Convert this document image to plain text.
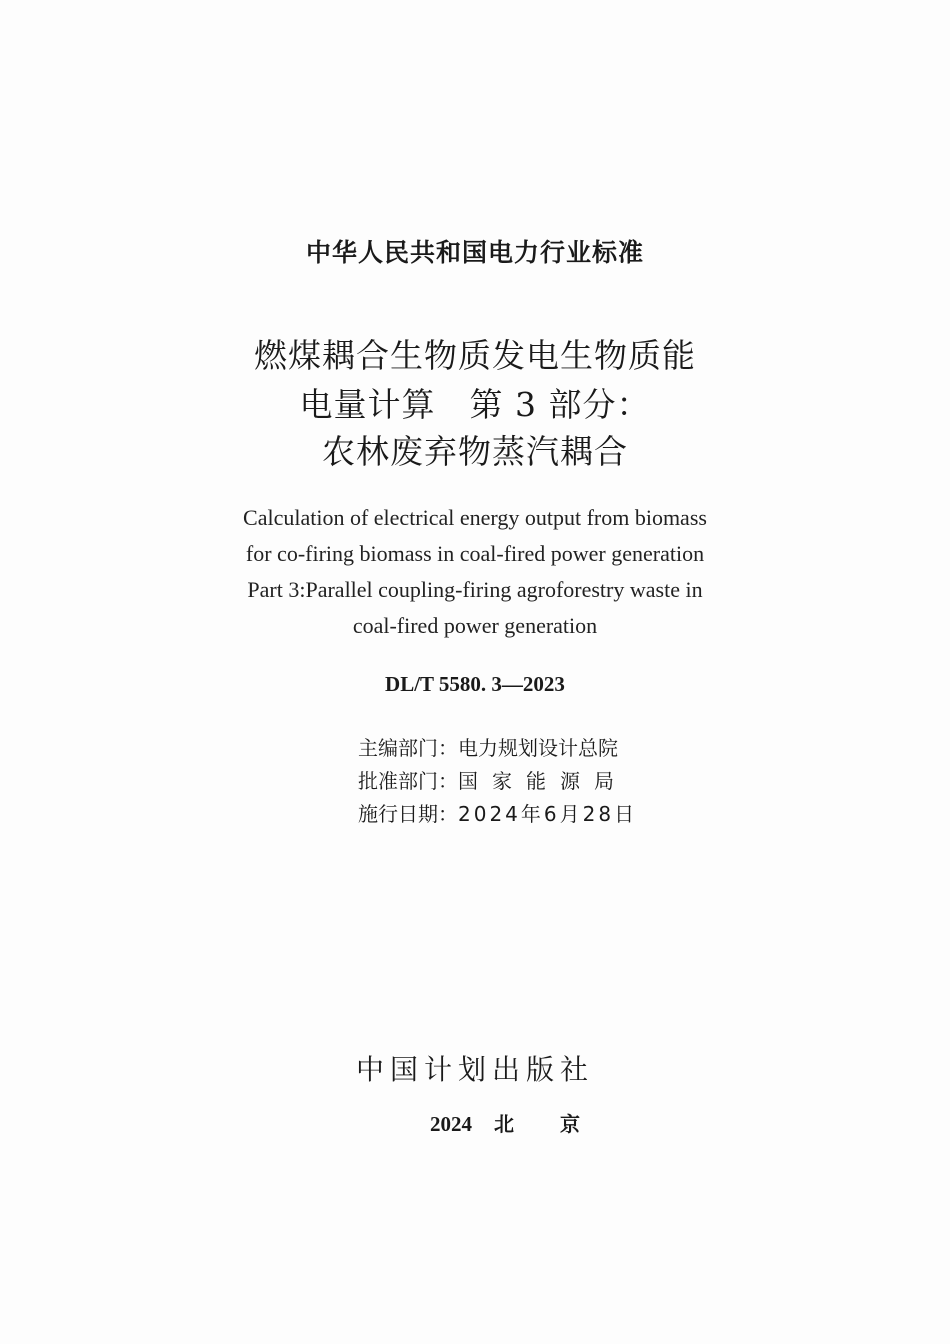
中华人民共和国电力行业标准
燃煤耦合生物质发电生物质能
电量计算　第 3 部分：
农林废弃物蒸汽耦合
Calculation of electrical energy output from biomass
for co-firing biomass in coal-fired power generation
Part 3:Parallel coupling-firing agroforestry waste in
coal-fired power generation
DL/T 5580. 3—2023
主编部门：电力规划设计总院
批准部门：国家能源局
施行日期：2024年6月28日
中国计划出版社
2024 北京
